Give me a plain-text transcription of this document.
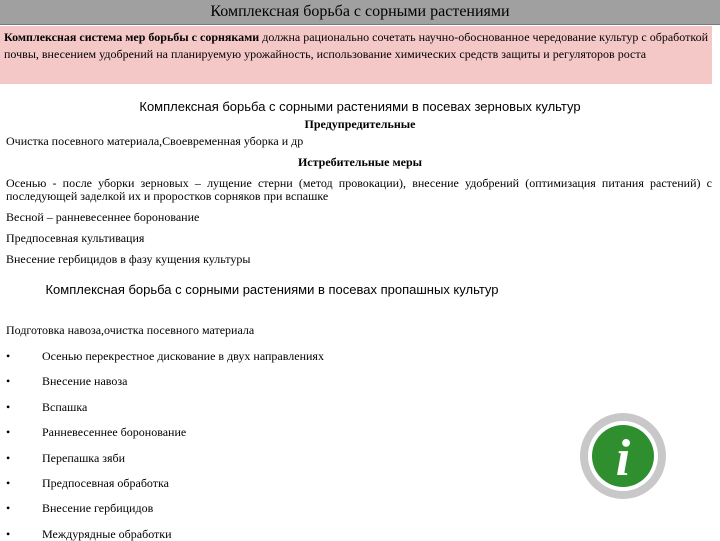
Комплексная борьба с сорными растениями
Комплексная система мер борьбы с сорняками должна рационально сочетать научно-обоснованное чередование культур с обработкой почвы, внесением удобрений на планируемую урожайность, использование химических средств защиты и регуляторов роста
Комплексная борьба с сорными растениями в посевах зерновых культур
Предупредительные
Очистка посевного материала,Своевременная уборка и др
Истребительные меры
Осенью - после уборки зерновых – лущение стерни (метод провокации), внесение удобрений (оптимизация питания растений) с последующей заделкой их и проростков сорняков при вспашке
Весной – ранневесеннее боронование
Предпосевная культивация
Внесение гербицидов в фазу кущения культуры
Комплексная борьба с сорными растениями в посевах пропашных культур
Подготовка навоза,очистка посевного материала
•	Осенью перекрестное дискование в двух направлениях
•	Внесение навоза
•	Вспашка
•	Ранневесеннее боронование
•	Перепашка зяби
•	Предпосевная обработка
•	Внесение гербицидов
•	Междурядные обработки
i
